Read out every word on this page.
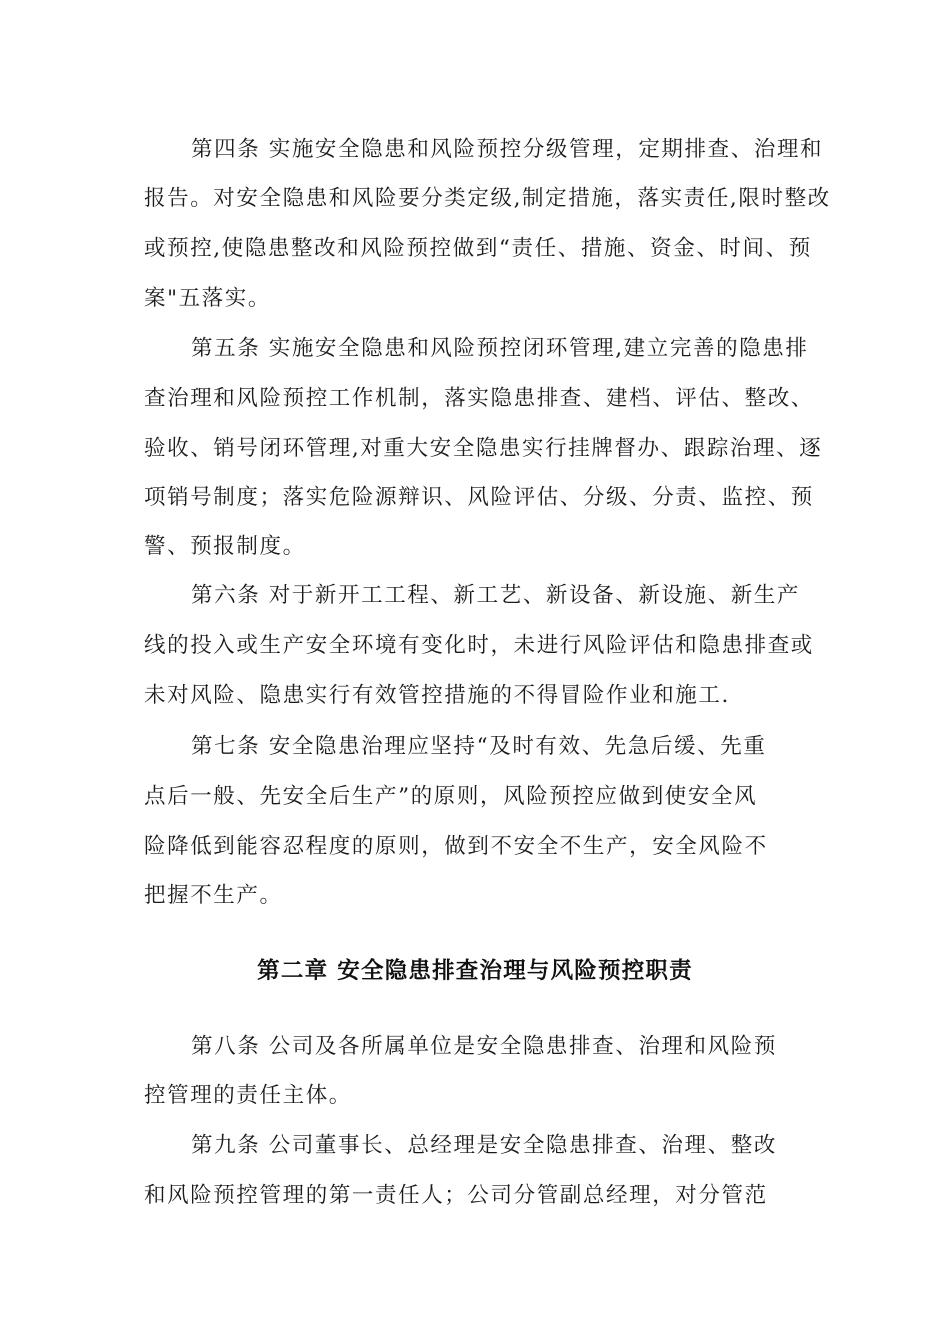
第四条 实施安全隐患和风险预控分级管理，定期排查、治理和
报告。对安全隐患和风险要分类定级,制定措施，落实责任,限时整改
或预控,使隐患整改和风险预控做到“责任、措施、资金、时间、预
案"五落实。
第五条 实施安全隐患和风险预控闭环管理,建立完善的隐患排
查治理和风险预控工作机制，落实隐患排查、建档、评估、整改、
验收、销号闭环管理,对重大安全隐患实行挂牌督办、跟踪治理、逐
项销号制度；落实危险源辩识、风险评估、分级、分责、监控、预
警、预报制度。
第六条 对于新开工工程、新工艺、新设备、新设施、新生产
线的投入或生产安全环境有变化时，未进行风险评估和隐患排查或
未对风险、隐患实行有效管控措施的不得冒险作业和施工.
第七条 安全隐患治理应坚持“及时有效、先急后缓、先重
点后一般、先安全后生产”的原则，风险预控应做到使安全风
险降低到能容忍程度的原则，做到不安全不生产，安全风险不
把握不生产。
第二章 安全隐患排查治理与风险预控职责
第八条 公司及各所属单位是安全隐患排查、治理和风险预
控管理的责任主体。
第九条 公司董事长、总经理是安全隐患排查、治理、整改
和风险预控管理的第一责任人；公司分管副总经理，对分管范
